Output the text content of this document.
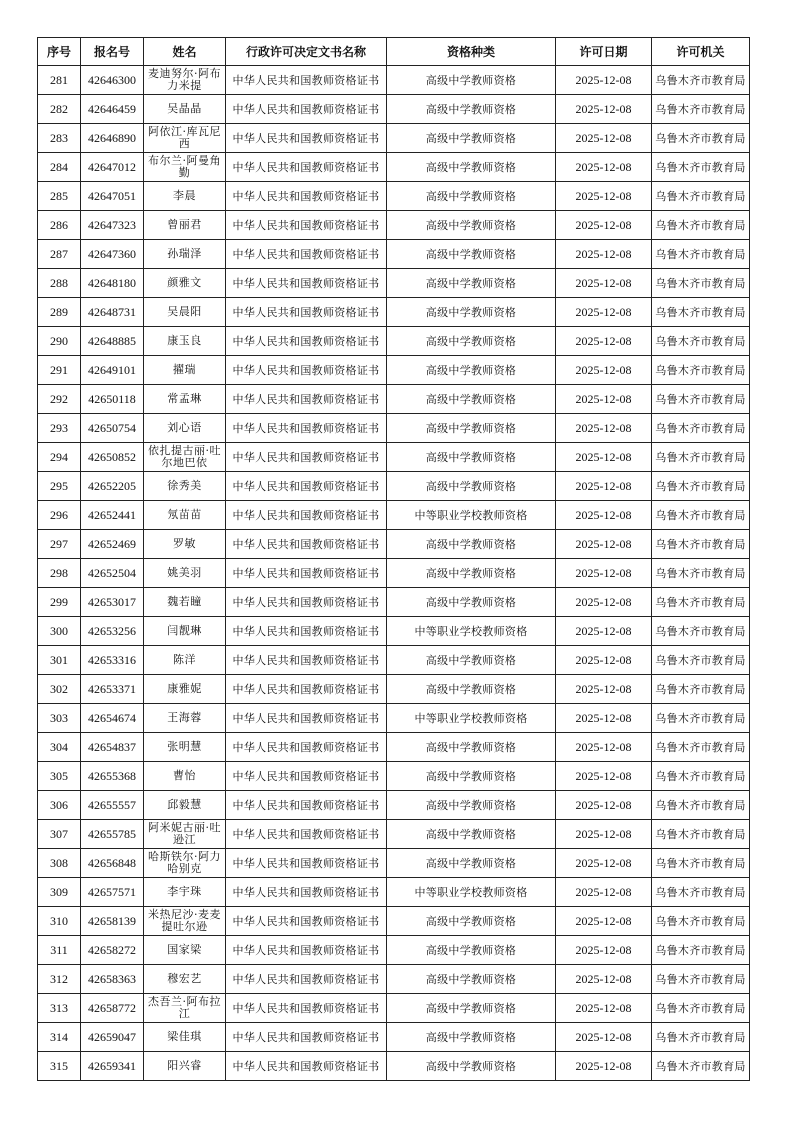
序号	报名号	姓名	行政许可决定文书名称	资格种类	许可日期	许可机关
281	42646300	麦迪努尔·阿布力米提	中华人民共和国教师资格证书	高级中学教师资格	2025-12-08	乌鲁木齐市教育局
282	42646459	吴晶晶	中华人民共和国教师资格证书	高级中学教师资格	2025-12-08	乌鲁木齐市教育局
283	42646890	阿依江·库瓦尼西	中华人民共和国教师资格证书	高级中学教师资格	2025-12-08	乌鲁木齐市教育局
284	42647012	布尔兰·阿曼角勤	中华人民共和国教师资格证书	高级中学教师资格	2025-12-08	乌鲁木齐市教育局
285	42647051	李晨	中华人民共和国教师资格证书	高级中学教师资格	2025-12-08	乌鲁木齐市教育局
286	42647323	曾丽君	中华人民共和国教师资格证书	高级中学教师资格	2025-12-08	乌鲁木齐市教育局
287	42647360	孙瑞泽	中华人民共和国教师资格证书	高级中学教师资格	2025-12-08	乌鲁木齐市教育局
288	42648180	颜雅文	中华人民共和国教师资格证书	高级中学教师资格	2025-12-08	乌鲁木齐市教育局
289	42648731	吴晨阳	中华人民共和国教师资格证书	高级中学教师资格	2025-12-08	乌鲁木齐市教育局
290	42648885	康玉良	中华人民共和国教师资格证书	高级中学教师资格	2025-12-08	乌鲁木齐市教育局
291	42649101	擢瑞	中华人民共和国教师资格证书	高级中学教师资格	2025-12-08	乌鲁木齐市教育局
292	42650118	常孟琳	中华人民共和国教师资格证书	高级中学教师资格	2025-12-08	乌鲁木齐市教育局
293	42650754	刘心语	中华人民共和国教师资格证书	高级中学教师资格	2025-12-08	乌鲁木齐市教育局
294	42650852	依扎提古丽·吐尔地巴依	中华人民共和国教师资格证书	高级中学教师资格	2025-12-08	乌鲁木齐市教育局
295	42652205	徐秀美	中华人民共和国教师资格证书	高级中学教师资格	2025-12-08	乌鲁木齐市教育局
296	42652441	氖苗苗	中华人民共和国教师资格证书	中等职业学校教师资格	2025-12-08	乌鲁木齐市教育局
297	42652469	罗敏	中华人民共和国教师资格证书	高级中学教师资格	2025-12-08	乌鲁木齐市教育局
298	42652504	姚美羽	中华人民共和国教师资格证书	高级中学教师资格	2025-12-08	乌鲁木齐市教育局
299	42653017	魏若瞳	中华人民共和国教师资格证书	高级中学教师资格	2025-12-08	乌鲁木齐市教育局
300	42653256	闫靓琳	中华人民共和国教师资格证书	中等职业学校教师资格	2025-12-08	乌鲁木齐市教育局
301	42653316	陈洋	中华人民共和国教师资格证书	高级中学教师资格	2025-12-08	乌鲁木齐市教育局
302	42653371	康雅妮	中华人民共和国教师资格证书	高级中学教师资格	2025-12-08	乌鲁木齐市教育局
303	42654674	王海蓉	中华人民共和国教师资格证书	中等职业学校教师资格	2025-12-08	乌鲁木齐市教育局
304	42654837	张明慧	中华人民共和国教师资格证书	高级中学教师资格	2025-12-08	乌鲁木齐市教育局
305	42655368	曹怡	中华人民共和国教师资格证书	高级中学教师资格	2025-12-08	乌鲁木齐市教育局
306	42655557	邱毅慧	中华人民共和国教师资格证书	高级中学教师资格	2025-12-08	乌鲁木齐市教育局
307	42655785	阿米妮古丽·吐逊江	中华人民共和国教师资格证书	高级中学教师资格	2025-12-08	乌鲁木齐市教育局
308	42656848	哈斯铁尔·阿力哈别克	中华人民共和国教师资格证书	高级中学教师资格	2025-12-08	乌鲁木齐市教育局
309	42657571	李宇珠	中华人民共和国教师资格证书	中等职业学校教师资格	2025-12-08	乌鲁木齐市教育局
310	42658139	米热尼沙·麦麦提吐尔逊	中华人民共和国教师资格证书	高级中学教师资格	2025-12-08	乌鲁木齐市教育局
311	42658272	国家梁	中华人民共和国教师资格证书	高级中学教师资格	2025-12-08	乌鲁木齐市教育局
312	42658363	穆宏艺	中华人民共和国教师资格证书	高级中学教师资格	2025-12-08	乌鲁木齐市教育局
313	42658772	杰吾兰·阿布拉江	中华人民共和国教师资格证书	高级中学教师资格	2025-12-08	乌鲁木齐市教育局
314	42659047	梁佳琪	中华人民共和国教师资格证书	高级中学教师资格	2025-12-08	乌鲁木齐市教育局
315	42659341	阳兴睿	中华人民共和国教师资格证书	高级中学教师资格	2025-12-08	乌鲁木齐市教育局
